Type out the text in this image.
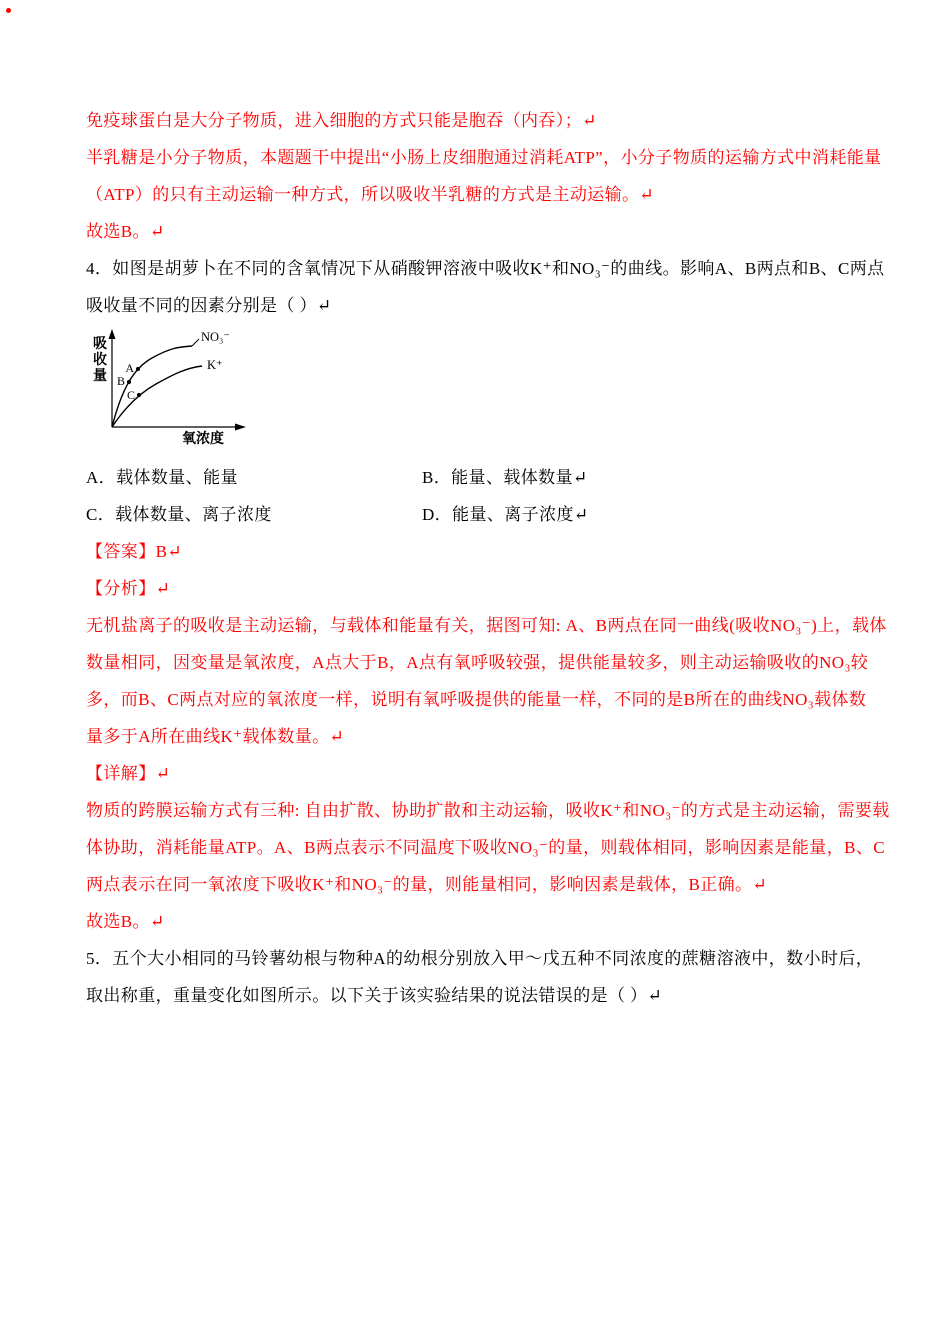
免疫球蛋白是大分子物质，进入细胞的方式只能是胞吞（内吞）；↵

半乳糖是小分子物质，本题题干中提出“小肠上皮细胞通过消耗ATP”，小分子物质的运输方式中消耗能量

（ATP）的只有主动运输一种方式，所以吸收半乳糖的方式是主动运输。↵

故选B。↵

4．如图是胡萝卜在不同的含氧情况下从硝酸钾溶液中吸收K⁺和NO₃⁻的曲线。影响A、B两点和B、C两点

吸收量不同的因素分别是（ ）↵

吸
收
量
氧浓度
NO₃⁻
K⁺
A
B
C
A．载体数量、能量	B．能量、载体数量↵
C．载体数量、离子浓度	D．能量、离子浓度↵

【答案】B↵

【分析】↵

无机盐离子的吸收是主动运输，与载体和能量有关，据图可知: A、B两点在同一曲线(吸收NO₃⁻)上，载体

数量相同，因变量是氧浓度，A点大于B，A点有氧呼吸较强，提供能量较多，则主动运输吸收的NO₃较

多，而B、C两点对应的氧浓度一样，说明有氧呼吸提供的能量一样，不同的是B所在的曲线NO₃载体数

量多于A所在曲线K⁺载体数量。↵

【详解】↵

物质的跨膜运输方式有三种: 自由扩散、协助扩散和主动运输，吸收K⁺和NO₃⁻的方式是主动运输，需要载

体协助，消耗能量ATP。A、B两点表示不同温度下吸收NO₃⁻的量，则载体相同，影响因素是能量，B、C

两点表示在同一氧浓度下吸收K⁺和NO₃⁻的量，则能量相同，影响因素是载体，B正确。↵

故选B。↵

5．五个大小相同的马铃薯幼根与物种A的幼根分别放入甲～戊五种不同浓度的蔗糖溶液中，数小时后，

取出称重，重量变化如图所示。以下关于该实验结果的说法错误的是（ ）↵
